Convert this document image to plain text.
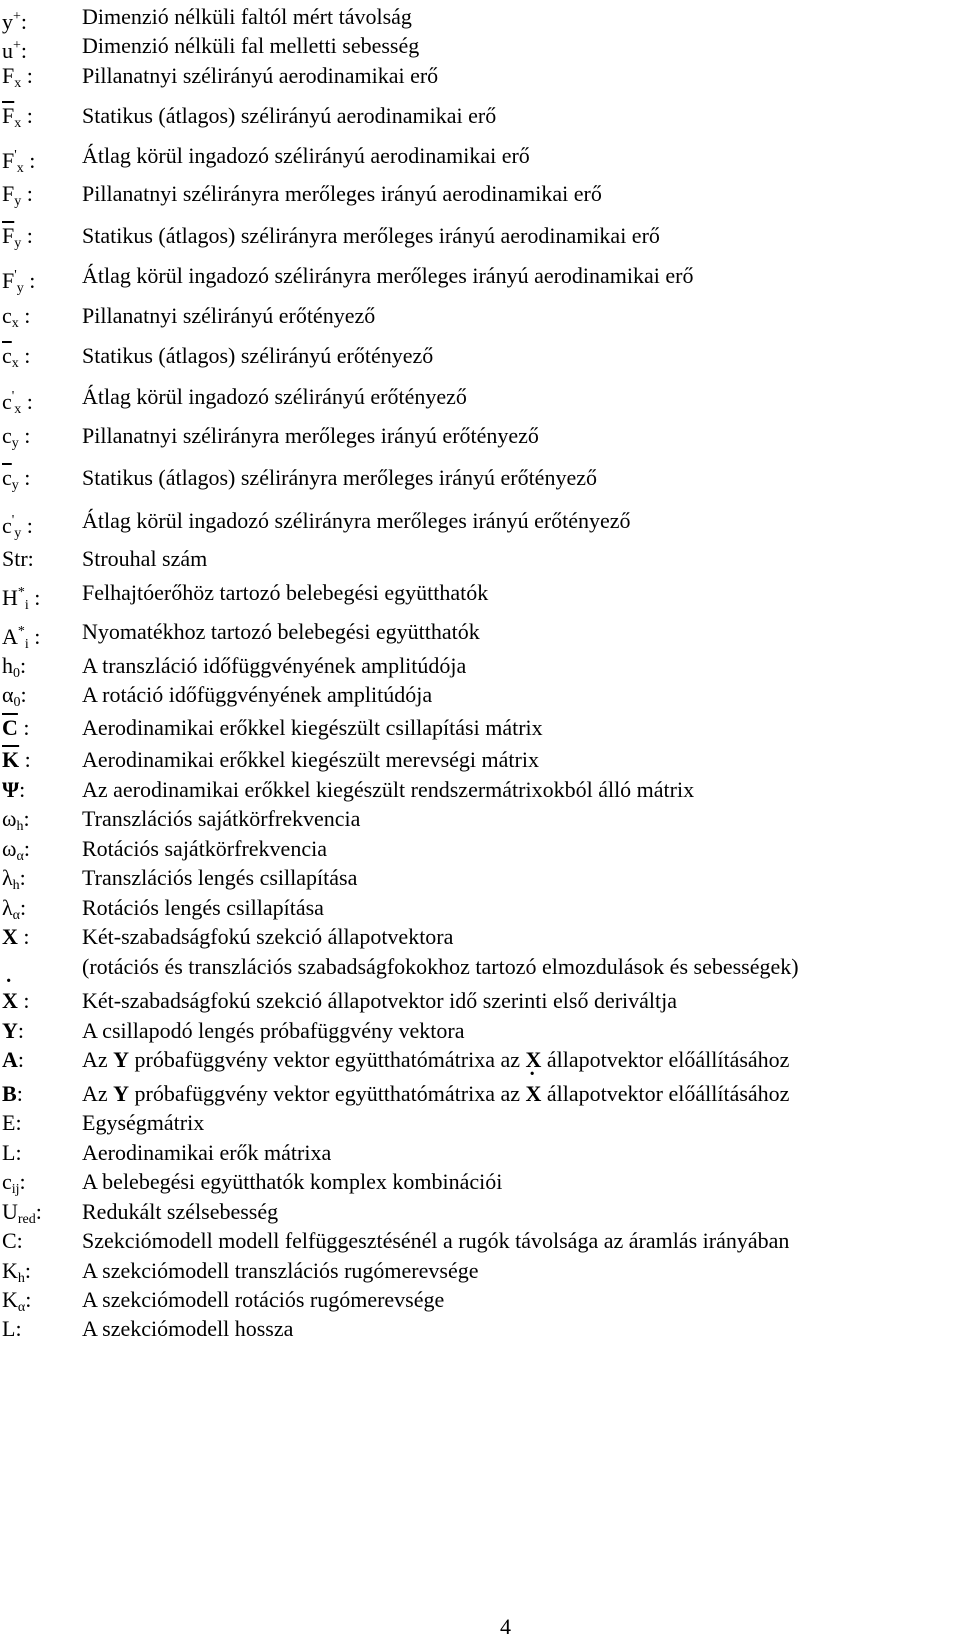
y+: Dimenzió nélküli faltól mért távolság
u+: Dimenzió nélküli fal melletti sebesség
$F_x$ : Pillanatnyi szélirányú aerodinamikai erő
$\overline{F}_x$ : Statikus (átlagos) szélirányú aerodinamikai erő
$F'_x$ : Átlag körül ingadozó szélirányú aerodinamikai erő
$F_y$ : Pillanatnyi szélirányra merőleges irányú aerodinamikai erő
$\overline{F}_y$ : Statikus (átlagos) szélirányra merőleges irányú aerodinamikai erő
$F'_y$ : Átlag körül ingadozó szélirányra merőleges irányú aerodinamikai erő
$c_x$ : Pillanatnyi szélirányú erőtényező
$\overline{c}_x$ : Statikus (átlagos) szélirányú erőtényező
$c'_x$ : Átlag körül ingadozó szélirányú erőtényező
$c_y$ : Pillanatnyi szélirányra merőleges irányú erőtényező
$\overline{c}_y$ : Statikus (átlagos) szélirányra merőleges irányú erőtényező
$c'_y$ : Átlag körül ingadozó szélirányra merőleges irányú erőtényező
Str: Strouhal szám
$H^*_i$ : Felhajtóerőhöz tartozó belebegési együtthatók
$A^*_i$ : Nyomatékhoz tartozó belebegési együtthatók
$h_0$:	A transzláció időfüggvényének amplitúdója
$\alpha_0$:	A rotáció időfüggvényének amplitúdója
$\overline{C}$ : Aerodinamikai erőkkel kiegészült csillapítási mátrix
$\overline{K}$ : Aerodinamikai erőkkel kiegészült merevségi mátrix
Ψ:	Az aerodinamikai erőkkel kiegészült rendszermátrixokból álló mátrix
$\omega_h$: Transzlációs sajátkörfrekvencia
$\omega_\alpha$: Rotációs sajátkörfrekvencia
$\lambda_h$:	Transzlációs lengés csillapítása
$\lambda_\alpha$:	Rotációs lengés csillapítása
X : Két-szabadságfokú szekció állapotvektora
(rotációs és transzlációs szabadságfokokhoz tartozó elmozdulások és sebességek)
˙ X : Két-szabadságfokú szekció állapotvektor idő szerinti első deriváltja
Y:	A csillapodó lengés próbafüggvény vektora
A:	Az Y próbafüggvény vektor együtthatómátrixa az X állapotvektor előállításához
B:	Az Y próbafüggvény vektor együtthatómátrixa az ˙ X állapotvektor előállításához
E:	Egységmátrix
L:	Aerodinamikai erők mátrixa
$c_{ij}$:	A belebegési együtthatók komplex kombinációi
$U_{red}$: Redukált szélsebesség
C:	Szekciómodell modell felfüggesztésénél a rugók távolsága az áramlás irányában
$K_h$: A szekciómodell transzlációs rugómerevsége
$K_\alpha$: A szekciómodell rotációs rugómerevsége
L:	A szekciómodell hossza
4
